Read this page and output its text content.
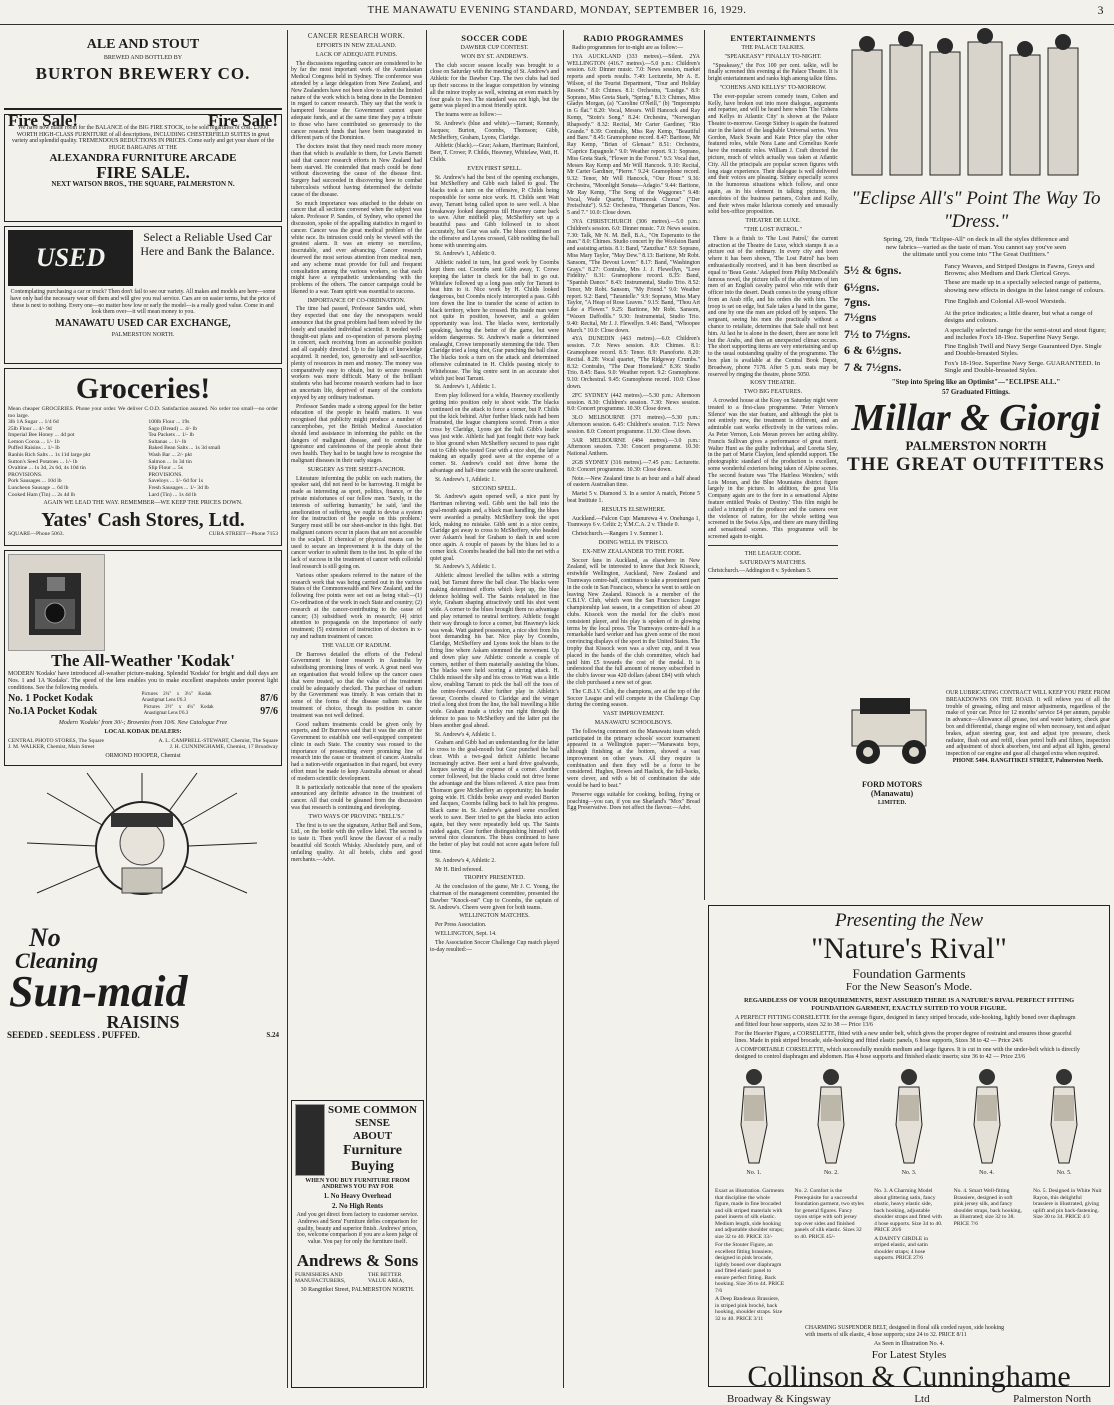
THE MANAWATU EVENING STANDARD, MONDAY, SEPTEMBER 16, 1929.	3
ALE AND STOUT
BREWED AND BOTTLED BY
BURTON BREWERY CO.
Fire Sale!	Fire Sale!
We have now made room for the BALANCE of the BIG FIRE STOCK, to be sold regardless of cost. £3000 WORTH HIGH-CLASS FURNITURE of all descriptions, INCLUDING CHESTERFIELD SUITES in great variety and splendid quality. TREMENDOUS REDUCTIONS IN PRICES. Come early and get your share of the HUGE BARGAINS AT THE
ALEXANDRA FURNITURE ARCADE
FIRE SALE.
NEXT WATSON BROS., THE SQUARE, PALMERSTON N.
USED Cars
Select a Reliable Used Car Here and Bank the Balance.
Contemplating purchasing a car or truck? Then don't fail to see our variety. All makes and models are here—some have only had the necessary wear off them and will give you real service. Cars are on easier terms, but the price of these is next to nothing. Every one—no matter how low or early the model—is a really good value. Come in and look them over—it will mean money to you.
MANAWATU USED CAR EXCHANGE,
PALMERSTON NORTH.
Groceries!
Mean cheaper GROCERIES. Phone your order. We deliver C.O.D. Satisfaction assured. No order too small—no order too large.
3lb 1A Sugar ... 1/4 6d
25lb Flour ... 4/- 9d
Imperial Bee Honey ... 4d pot
Lemon Cocoa ... 1/- 1b
Puffed Raisins ... 1/- lb
Ranhis Rich Salts ... 1s 11d large pkt
Sutton's Seed Potatoes ... 1/- lb
Ovaltine ... 1s 3d, 2s 6d, 4s 10d tin
PROVISIONS.
Pork Sausages ... 10d lb
Luncheon Sausage ... 6d lb
Cooked Ham (Tin) ... 2s 4d lb
100lb Flour ... 19s
Sago (Bread) ... 4/- lb
Tea Packets ... 1/- lb
Sultanas ... 1/- lb
Baked Bean Salts ... 1s 3d small
Wash Bar ... 2/- pkt
Salmon ... 1s 3d tin
Slip Flour ... 5s
PROVISIONS.
Saveloys ... 1/- 6d for 1s
Fresh Sausages ... 1/- 3d lb
Lard (Tin) ... 1s 4d lb
AGAIN WE LEAD THE WAY. REMEMBER—WE KEEP THE PRICES DOWN.
Yates' Cash Stores, Ltd.
SQUARE—Phone 5063.	CUBA STREET—Phone 7153
The All-Weather 'Kodak'
MODERN 'Kodaks' have introduced all-weather picture-making. Splendid 'Kodaks' for bright and dull days are Nos. 1 and 1A 'Kodaks'. The speed of the lens enables you to make excellent snapshots under poorest light conditions. See the following models.
No. 1 Pocket Kodak	Pictures 2¼" x 3¼" Kodak Anastigmat Lens f/6.3	87/6
No.1A Pocket Kodak	Pictures 2½" x 4¼" Kodak Anastigmat Lens f/6.3	97/6
Modern 'Kodaks' from 30/-; Brownies from 10/6. New Catalogue Free
LOCAL KODAK DEALERS:
CENTRAL PHOTO STORES, The Square	A. L. CAMPBELL-STEWART, Chemist, The Square
J. M. WALKER, Chemist, Main Street	J. H. CUNNINGHAME, Chemist, 17 Broadway
ORMOND HOOPER, Chemist
No
Cleaning
Sun-maid
RAISINS
SEEDED . SEEDLESS . PUFFED.	S.24
CANCER RESEARCH WORK.
EFFORTS IN NEW ZEALAND.
LACK OF ADEQUATE FUNDS.

The discussions regarding cancer are considered to be by far the most important work of the Australasian Medical Congress held in Sydney. The conference was attended by a large delegation from New Zealand, and New Zealanders have not been slow to admit the limited nature of the work which is being done in the Dominion in regard to cancer research. They say that the work is hampered because the Government cannot spare adequate funds, and at the same time they pay a tribute to those who have contributed so generously to the cancer research funds that have been inaugurated in different parts of the Dominion.

The doctors insist that they need much more money than that which is available to them, for Lewis Barnett said that cancer research efforts in New Zealand had been starved. He contended that much could be done without discovering the cause of the disease first. Surgery had succeeded in discovering how to combat tuberculosis without having determined the definite cause of the disease.

So much importance was attached to the debate on cancer that all sections convened when the subject was taken. Professor P. Sandes, of Sydney, who opened the discussion, spoke of the appalling statistics in regard to cancer. Cancer was the great medical problem of the white race. Its intrusion could only be viewed with the greatest alarm. It was an enemy so merciless, inscrutable, and ever advancing. Cancer research deserved the most serious attention from medical men, and any scheme must provide for full and frequent consultation among the various workers, so that each might have a sympathetic understanding with the problems of the others. The cancer campaign could be likened to a war. Team spirit was essential to success.

IMPORTANCE OF CO-ORDINATION.

The time had passed, Professor Sandes said, when they expected that one day the newspapers would announce that the great problem had been solved by the lonely and unaided individual scientist. It needed well-thought-out plans and co-operation of persons playing in concert, each receiving from an accessible position and all capably directed. Up to the light of knowledge acquired. It needed, too, generosity and self-sacrifice, plenty of resources in men and money. The money was comparatively easy to obtain, but to secure research workers was more difficult. Many of the brilliant students who had become research workers had to face an uncertain life, deprived of many of the comforts enjoyed by any ordinary tradesman.

Professor Sandes made a strong appeal for the better education of the people in health matters. It was recognised that publicity might produce a number of cancerphobes, yet the British Medical Association should lend assistance in informing the public on the dangers of malignant disease, and to combat the ignorance and carelessness of the people about their own health. They had to be taught how to recognise the malignant diseases in their early stages.

SURGERY AS THE SHEET-ANCHOR.

Literature informing the public on such matters, the speaker said, did not need to be harrowing. It might be made as interesting as sport, politics, finance, or the private misfortunes of our fellow men. 'Surely, in the interests of suffering humanity,' he said, 'and the amelioration of suffering, we ought to devise a system for the instruction of the people on this problem.' Surgery must still be our sheet-anchor in this fight. But malignant cancers occur in places that are not accessible to the scalpel. If chemical or physical means can be used to secure an improvement it is the duty of the cancer worker to submit them to the test. In spite of the lack of success in the treatment of cancer with colloidal lead research is still going on.

Various other speakers referred to the nature of the research work that was being carried out in the various States of the Commonwealth and New Zealand, and the following five points were set out as being vital:—(1) Co-ordination of the work in each State and country; (2) research at the cancer-contributing to the cause of cancer; (3) subsidised work in research; (4) strict attention to propaganda on the importance of early treatment; (5) extension of instruction of doctors in x-ray and radium treatment of cancer.

THE VALUE OF RADIUM.

Dr Barrows detailed the efforts of the Federal Government to foster research in Australia by subsidising promising lines of work. A great need was an organisation that would follow up the cancer cases that were treated, so that the value of the treatment could be adequately checked. The purchase of radium by the Government was timely. It was certain that in some of the forms of the disease radium was the treatment of choice, though its position in cancer treatment was not well defined.

Good radium treatments could be given only by experts, and Dr Burrows said that it was the aim of the Government to establish one well-equipped competent clinic in each State. The country was roused to the importance of prosecuting every promising line of research into the cause or treatment of cancer. Australia had a nation-wide organisation in that regard, but every effort must be made to keep Australia abreast or ahead of modern scientific development.

It is particularly noticeable that none of the speakers announced any definite advance in the treatment of cancer. All that could be gleaned from the discussion was that research is continuing and developing.

TWO WAYS OF PROVING "BELL'S."

The first is to see the signature, Arthur Bell and Sons, Ltd., on the bottle with the yellow label. The second is to taste it. Then you'll know the flavour of a really beautiful old Scotch Whisky. Absolutely pure, and of unfailing quality. At all hotels, clubs and good merchants.—Advt.

SOME COMMON SENSE
ABOUT
Furniture Buying
WHEN YOU BUY FURNITURE FROM ANDREWS YOU PAY FOR
1. No Heavy Overhead
2. No High Rents
And you get direct from factory to customer service. Andrews and Sons' Furniture defies comparison for quality, beauty and superior finish. Andrews' prices, too, welcome comparison if you are a keen judge of value. You pay for only the furniture itself.
Andrews & Sons
FURNISHERS AND MANUFACTURERS,
THE BETTER VALUE AREA,
30 Rangitikei Street, PALMERSTON NORTH.
SOCCER CODE
DAWBER CUP CONTEST.
WON BY ST. ANDREW'S.

The club soccer season locally was brought to a close on Saturday with the meeting of St. Andrew's and Athletic for the Dawber Cup. The two clubs had tied up their success in the league competition by winning all the minor trophy as well, winning an even match by four goals to two. The standard was not high, but the game was played in a most friendly spirit.

The teams were as follow:—

St. Andrew's (blue and white).—Tarrant; Kennedy, Jacques; Burton, Coombs, Thomson; Gibb, McSheffery, Graham, Lyons, Claridge.

Athletic (black).—Grar; Askam, Harriman; Rainford, Beer, T. Crowe; P. Childs, Heavney, Whitelaw, Watt, H. Childs.

EVEN FIRST SPELL.

St. Andrew's had the best of the opening exchanges, but McSheffery and Gibb each failed to goal. The blacks took a turn on the offensive, P. Childs being responsible for some nice work. H. Childs sent Watt away, Tarrant being called upon to save well. A blue breakaway looked dangerous till Heavney came back to save. After midfield play, McSheffery set up a beautiful pass and Gibb followed in to shoot accurately, but Grar was safe. The blues continued on the offensive and Lyons crossed, Gibb nodding the ball home with unerring aim.

St. Andrew's 1, Athletic 0.

Athletic raided in turn, but good work by Coombs kept them out. Coombs sent Gibb away, T. Crowe keeping the latter in check for the ball to go out. Whitelaw followed up a long pass only for Tarrant to beat him to it. Nice work by H. Childs looked dangerous, but Coombs nicely intercepted a pass. Gibb tore down the line to transfer the scene of action to black territory, where he crossed. His inside man were not quite in position, however, and a golden opportunity was lost. The blacks were, territorially speaking, having the better of the game, but were seldom dangerous. St. Andrew's made a determined onslaught, Crowe temporarily stemming the tide. Then Claridge tried a long shot, Grar punching the ball clear. The blacks took a turn on the attack and determined offensive culminated in H. Childs passing nicely to Whitehouse. The big centre sent in an accurate shot which just beat Tarrant.

St. Andrew's 1, Athletic 1.

Even play followed for a while, Heavney excellently getting into position only to shoot wide. The blacks continued on the attack to force a corner, but P. Childs put the kick behind. After further black raids had been frustrated, the league champions scored. From a nice cross by Claridge, Lyons got the ball. Gibb's leader was just wide. Athletic had just fought their way back to blue ground when McSheffery secured to pass right out to Gibb who tested Grar with a nice shot, the latter making an equally good save at the expense of a corner. St. Andrew's could not drive home the advantage and half-time came with the score unaltered.

St. Andrew's 1, Athletic 1.

SECOND SPELL.

St. Andrew's again opened well, a nice punt by Harriman relieving well. Gibb sent the ball into the goal-mouth again and, a black man handling, the blues were awarded a penalty. McSheffery took the spot kick, making no mistake. Gibb sent in a nice centre, Claridge got away to cross to McSheffery, who headed over Askam's head for Graham to dash in and score once again. A couple of passes by the blues led to a corner kick. Coombs headed the ball into the net with a quiet goal.

St. Andrew's 3, Athletic 1.

Athletic almost levelled the tallies with a stirring raid, but Tarrant threw the ball clear. The blacks were making determined efforts which kept up, the blue defence holding well. The Saints retaliated in fine style, Graham shaping attractively until his shot went wide. A corner to the blues brought them no advantage and play returned to neutral territory. Athletic fought their way through to force a corner, but Heavney's kick was weak. Watt gained possession, a nice shot from his boot demanding his bar. Nice play by Coombs, Claridge, McSheffery and Lyons took the blues to the firing line where Askam stemmed the movement. Up and down play saw Athletic concede a couple of corners, neither of them materially assisting the blues. The blacks were held scoring a stirring attack. H. Childs missed the slip and his cross to Watt was a little slow, enabling Tarrant to pick the ball off the toes of the centre-forward. After further play in Athletic's favour, Coombs cleared to Claridge and the winger tried a long shot from the line, the ball travelling a little wide. Graham made a tricky run right through the defence to pass to McSheffery and the latter put the blues another goal ahead.

St. Andrew's 4, Athletic 1.

Graham and Gibb had an understanding for the latter to cross to the goal-mouth but Grar punched the ball clear. With a two-goal deficit Athletic became increasingly active. Beer sent a hard drive goalwards, Jacques saving at the expense of a corner. Another corner followed, but the blacks could not drive home the advantage and the blues relieved. A nice pass from Thomson gave McSheffery an opportunity; his header going wide. H. Childs broke away and evaded Burton and Jacques, Coombs falling back to halt his progress. Black came in. St. Andrew's gained some excellent work to save. Beer tried to get the blacks into action again, but they were repeatedly held up. The Saints raided again, Grar further distinguishing himself with several nice clearances. The blues continued to have the better of play but could not score again before full time.

St. Andrew's 4, Athletic 2.

Mr H. Bird refereed.

TROPHY PRESENTED.

At the conclusion of the game, Mr J. C. Young, the chairman of the management committee, presented the Dawber "Knock-out" Cup to Coombs, the captain of St. Andrew's. Cheers were given for both teams.

WELLINGTON MATCHES.

Per Press Association.

WELLINGTON, Sept. 14.

The Association Soccer Challenge Cup match played to-day resulted:—

RADIO PROGRAMMES

Radio programmes for to-night are as follow:—

1YA AUCKLAND (333 metres).—Silent. 2YA WELLINGTON (416.7 metres).—5.0 p.m.: Children's session. 6.0: Dinner music. 7.0: News session, market reports and sports results. 7.40: Lecturette, Mr A. E. Wilson, of the Tourist Department, "Tour and Holiday Resorts." 8.0: Chimes. 8.1: Orchestra, "Lustige." 8.9: Soprano, Miss Greta Stark, "Spring." 8.13: Chimes, Miss Gladys Morgan, (a) "Caroline O'Neill," (b) "Impromptu in G flat." 8.20: Vocal, Messrs. Will Hancock and Ray Kemp, "Stoin's Song." 8.24: Orchestra, "Norwegian Rhapsody." 8.32: Recital, Mr Carter Gardiner, "Rio Grande." 8.39: Contralto, Miss Ray Kemp, "Beautiful and Bare." 8.45: Gramophone record. 8.47: Baritone, Mr Ray Kemp, "Brian of Glenaar." 8.51: Orchestra, "Caprice Espagnole." 9.0: Weather report. 9.1: Soprano, Miss Greta Stark, "Flower in the Forest." 9.5: Vocal duet, Messrs Ray Kemp and Mr Will Hancock. 9.10: Recital, Mr Carter Gardiner, "Pierre." 9.24: Gramophone record. 9.32: Tenor, Mr Will Hancock, "Our Hour." 9.36: Orchestra, "Moonlight Sonata—Adagio." 9.44: Baritone, Mr Ray Kemp, "The Song of the Waggoner." 9.48: Vocal, Wade Quartet, "Humoresk Chorus" ("Der Freischutz"). 9.52: Orchestra, "Hungarian Dances, Nos. 5 and 7." 10.0: Close down.

3YA CHRISTCHURCH (306 metres).—5.0 p.m.: Children's session. 6.0: Dinner music. 7.0: News session. 7.30: Talk, Mr N. M. Bell, B.A., "On Esperanto to the man." 8.0: Chimes. Studio concert by the Woolston Band and assisting artists. 8.1: Band, "Zanzibar." 8.9: Soprano, Miss Mary Taylor, "May Dew." 8.13: Baritone, Mr Robt. Sansom, "The Devout Lover." 8.17: Band, "Washington Grays." 8.27: Contralto, Mrs J. J. Flewellyn, "Love Fidelity." 8.31: Gramophone record. 8.35: Band, "Spanish Dance." 8.43: Instrumental, Studio Trio. 8.52: Tenor, Mr Robt. Sansom, "My Friend." 9.0: Weather report. 9.2: Band, "Tarantelle." 9.9: Soprano, Miss Mary Taylor, "A Heap of Rose Leaves." 9.15: Band, "Thou Art Like a Flower." 9.25: Baritone, Mr Robt. Sansom, "Waxen Daffodils." 9.30: Instrumental, Studio Trio. 9.40: Recital, Mr J. J. Flewellyn. 9.46: Band, "Whoopee March." 10.0: Close down.

4YA DUNEDIN (463 metres).—6.0: Children's session. 7.0: News session. 8.0: Chimes. 8.1: Gramophone record. 8.5: Tenor. 8.9: Pianoforte. 8.20: Recital. 8.28: Vocal quartet, "The Ridgeway Crumbs." 8.32: Contralto, "The Dear Homeland." 8.36: Studio Trio. 8.45: Bass. 9.0: Weather report. 9.2: Gramophone. 9.10: Orchestral. 9.45: Gramophone record. 10.0: Close down.

2FC SYDNEY (442 metres).—5.30 p.m.: Afternoon session. 8.30: Children's session. 7.30: News session. 8.0: Concert programme. 10.30: Close down.

3LO MELBOURNE (371 metres).—5.30 p.m.: Afternoon session. 6.45: Children's session. 7.15: News session. 8.0: Concert programme. 11.30: Close down.

3AR MELBOURNE (484 metres).—3.0 p.m.: Afternoon session. 7.30: Concert programme. 10.30: National Anthem.

2GB SYDNEY (316 metres).—7.45 p.m.: Lecturette. 8.0: Concert programme. 10.30: Close down.

Note.—New Zealand time is an hour and a half ahead of eastern Australian time.

Marist 5 v. Diamond 3. In a senior A match, Petone 5 beat Institute 1.

RESULTS ELSEWHERE.

Auckland.—Falcon Cup: Manurewa 4 v. Onehunga 1, Tramways 6 v. Celtic 2; Y.M.C.A. 2 v. Thistle 0.

Christchurch.—Rangers 1 v. Sumner 1.

DOING WELL IN 'FRISCO.
EX-NEW ZEALANDER TO THE FORE.

Soccer fans in Auckland, as elsewhere in New Zealand, will be interested to know that Jock Kissock, erstwhile Wellington, Auckland, New Zealand and Tramways centre-half, continues to take a prominent part in the code in San Francisco, whence he went to settle on leaving New Zealand. Kissock is a member of the C.B.I.V. Club, which won the San Francisco League championship last season, in a competition of about 20 clubs. Kissock won the medal for the club's most consistent player, and his play is spoken of in glowing terms by the local press. The Tramways centre-half is a remarkable hard worker and has given some of the most convincing displays of the sport in the United States. The trophy that Kissock won was a silver cup, and it was placed in the hands of the club committee, which had paid him £5 towards the cost of the medal. It is understood that the full amount of money subscribed in the club's favour was 420 dollars (about £84) with which the club purchased a new set of gear.

The C.B.I.V. Club, the champions, are at the top of the Soccer League and will compete in the Challenge Cup during the coming season.

VAST IMPROVEMENT.
MANAWATU SCHOOLBOYS.

The following comment on the Manawatu team which participated in the primary schools' soccer tournament appeared in a Wellington paper:—"Manawatu boys, although finishing at the bottom, showed a vast improvement on other years. All they require is combination and then they will be a force to be considered. Hughes, Dowes and Hasluck, the full-backs, were clever, and with a bit of combination the side would be hard to beat."

Preserve eggs suitable for cooking, boiling, frying or poaching—you can, if you use Sharland's "Mox" Bread Egg Preservative. Does not affect the flavour.—Advt.

ENTERTAINMENTS
THE PALACE TALKIES.
"SPEAKEASY" FINALLY TO-NIGHT.

"Speakeasy," the Fox 100 per cent. talkie, will be finally screened this evening at the Palace Theatre. It is bright entertainment and ranks high among talkie films.

"COHENS AND KELLYS" TO-MORROW.

The ever-popular screen comedy team, Cohen and Kelly, have broken out into more dialogue, arguments and repartee, and will be heard here when 'The Cohens and Kellys in Atlantic City' is shown at the Palace Theatre to-morrow. George Sidney is again the featured star in the latest of the laughable Universal series. Vera Gordon, Mack Swain and Kate Price play the other featured roles, while Nora Lane and Cornelius Keefe have the romantic roles. William J. Craft directed the picture, much of which actually was taken at Atlantic City. All the principals are popular screen figures with long stage experience. Their dialogue is well delivered and their voices are pleasing. Sidney especially scores in the humorous situations which follow, and once again, as in his element in talking pictures, the anecdotes of the business partners, Cohen and Kelly, and their wives make hilarious comedy and unusually solid box-office proposition.

THEATRE DE LUXE.
"THE LOST PATROL."

There is a finish to 'The Lost Patrol,' the current attraction at the Theatre de Luxe, which stamps it as a picture out of the ordinary. In every city and town where it has been shown, 'The Lost Patrol' has been enthusiastically received, and it has been described as equal to 'Beau Geste.' Adapted from Philip McDonald's famous novel, the picture tells of the adventures of ten men of an English cavalry patrol who ride with their officer into the desert. Death comes to the young officer from an Arab rifle, and his orders die with him. The troop is set on edge, but Sale takes a hand in the game, and one by one the men are picked off by snipers. The sergeant, seeing his men die practically without a chance to retaliate, determines that Sale shall not best him. At last he is alone in the desert, there are none left but the Arabs, and then an unexpected climax occurs. The short supporting items are very entertaining and up to the usual outstanding quality of the programme. The box plan is available at the Central Book Depot, Broadway, phone 7178. After 5 p.m. seats may be reserved by ringing the theatre, phone 5050.

KOSY THEATRE.
TWO BIG FEATURES.

A crowded house at the Kosy on Saturday night were treated to a first-class programme. 'Peter Vernon's Silence' was the star feature, and although the plot is not entirely new, the treatment is different, and an admirable cast works effectively in the various roles. As Peter Vernon, Lois Moran proves her acting ability. Francis Sullivan gives a performance of great merit. Walter Hunt as the guilty individual, and Loretta Sley, in the part of Marie Clayton, lend splendid support. The photographic standard of the production is excellent, some wonderful exteriors being taken of Alpine scenes. The second feature was 'The Hairless Wonders,' with Lois Moran, and the Blue Mountains district figure largely in the picture. In addition, the great Ufa Company again are to the fore in a sensational Alpine feature entitled 'Peaks of Destiny.' This film might be called a triumph of the producer and the camera over the violence of nature, for the whole setting was screened in the Swiss Alps, and there are many thrilling and sensational scenes. This programme will be screened again to-night.

THE LEAGUE CODE.
SATURDAY'S MATCHES.
Christchurch.—Addington 8 v. Sydenham 5.
"Eclipse All's" Point The Way To "Dress."
Spring, '29, finds "Eclipse-All" on deck in all the styles difference and new fabrics—varied as the taste of man. You cannot say you've seen the ultimate until you come into "The Great Outfitters."
5½ & 6gns.	Fancy Weaves, and Striped Designs in Fawns, Greys and Browns; also Medium and Dark Clerical Greys.
6½gns.	These are made up in a specially selected range of patterns, showing new effects in designs in the latest range of colours.
7gns.	Fine English and Colonial All-wool Worsteds.
7½gns	At the price indicates; a little dearer, but what a range of designs and colours.
7½ to 7½gns.	A specially selected range for the semi-stout and stout figure; and includes Fox's 18-19oz. Superfine Navy Serge.
6 & 6½gns.	Fine English Twill and Navy Serge Guaranteed Dye. Single and Double-breasted Styles.
7 & 7½gns.	Fox's 18-19oz. Superfine Navy Serge. GUARANTEED. In Single and Double-breasted Styles.
"Step into Spring like an Optimist"—"ECLIPSE ALL."
57 Graduated Fittings.
Millar & Giorgi
PALMERSTON NORTH
THE GREAT OUTFITTERS
FORD MOTORS (Manawatu)
LIMITED.
OUR LUBRICATING CONTRACT WILL KEEP YOU FREE FROM BREAKDOWNS ON THE ROAD. It will relieve you of all the trouble of greasing, oiling and minor adjustments, regardless of the make of your car. Price for 12 months' service £4 per annum, payable in advance—Allowance all grease, test and water battery, check gear box and differential, change engine oil when necessary, test and adjust brakes, adjust steering gear, test and adjust tyre pressure, check radiator, flush out and refill, clean petrol bulb and filters, inspection and adjustment of shock absorbers, test and adjust all lights, general inspection of car engine and gear all charged extra when required.
PHONE 5404. RANGITIKEI STREET, Palmerston North.
Presenting the New
"Nature's Rival"
Foundation Garments
For the New Season's Mode.
REGARDLESS OF YOUR REQUIREMENTS, REST ASSURED THERE IS A NATURE'S RIVAL PERFECT FITTING FOUNDATION GARMENT, EXACTLY SUITED TO YOUR FIGURE.
A PERFECT FITTING CORSELETTE for the average figure, designed in fancy striped brocade, side-hooking, lightly boned over diaphragm and fitted four hose supports, sizes 32 to 38 — Price 13/6
For the Heavier Figure, a CORSELETTE, fitted with a new under belt, which gives the proper degree of restraint and ensures those graceful lines. Made in pink striped brocade, side-hooking and fitted elastic panels, 6 hose supports, Sizes 38 to 42 — Price 24/6
A COMFORTABLE CORSELETTE, which successfully moulds medium and large figures. It is cut in one with the under-belt which is directly designed to control diaphragm and abdomen. Has 4 hose supports and finished elastic inserts; size 36 to 42 — Price 23/6
No. 1.	No. 2.	No. 3.	No. 4.	No. 5.
Exact as illustration. Garments that discipline the whole figure, made in fine brocaded and silk striped materials with panel inserts of silk elastic. Medium length, side hooking and adjustable shoulder straps; size 32 to 40. PRICE 33/-
For the Stouter Figure, an excellent fitting brassiere, designed in pink brocade, lightly boned over diaphragm and fitted elastic panel to ensure perfect fitting. Back hooking. Size 36 to 44. PRICE 7/6
A Deep Bandeaux Brassiere, in striped pink broché, back hooking, shoulder straps. Size 32 to 40. PRICE 3/11
No. 2. Comfort is the Prerequisite for a successful foundation garment, two styles for general figures. Fancy rayon stripe with soft jersey top over sides and finished panels of silk elastic. Sizes 32 to 40. PRICE 45/-
No. 3. A Charming Model about glittering satin, fancy elastic, heavy elastic side, back hooking, adjustable shoulder straps and fitted with 4 hose supports. Size 34 to 40. PRICE 26/6
A DAINTY GIRDLE in striped elastic, and satin shoulder straps; 4 hose supports. PRICE 27/6
No. 4. Smart Well-fitting Brassiere, designed in soft pink jersey silk, and fancy shoulder straps, back hooking, as illustrated; size 32 to 38. PRICE 7/6
No. 5. Designed in White Nuit Rayon, this delightful brassiere is illustrated, giving uplift and pin back-fastening. Size 30 to 34. PRICE 4/3
CHARMING SUSPENDER BELT, designed in floral silk corded rayon, side hooking with inserts of silk elastic, 4 hose supports; size 24 to 32. PRICE 8/11
As Seen in Illustration No. 4.
For Latest Styles
Collinson & Cunninghame
Broadway & Kingsway	Ltd	Palmerston North
